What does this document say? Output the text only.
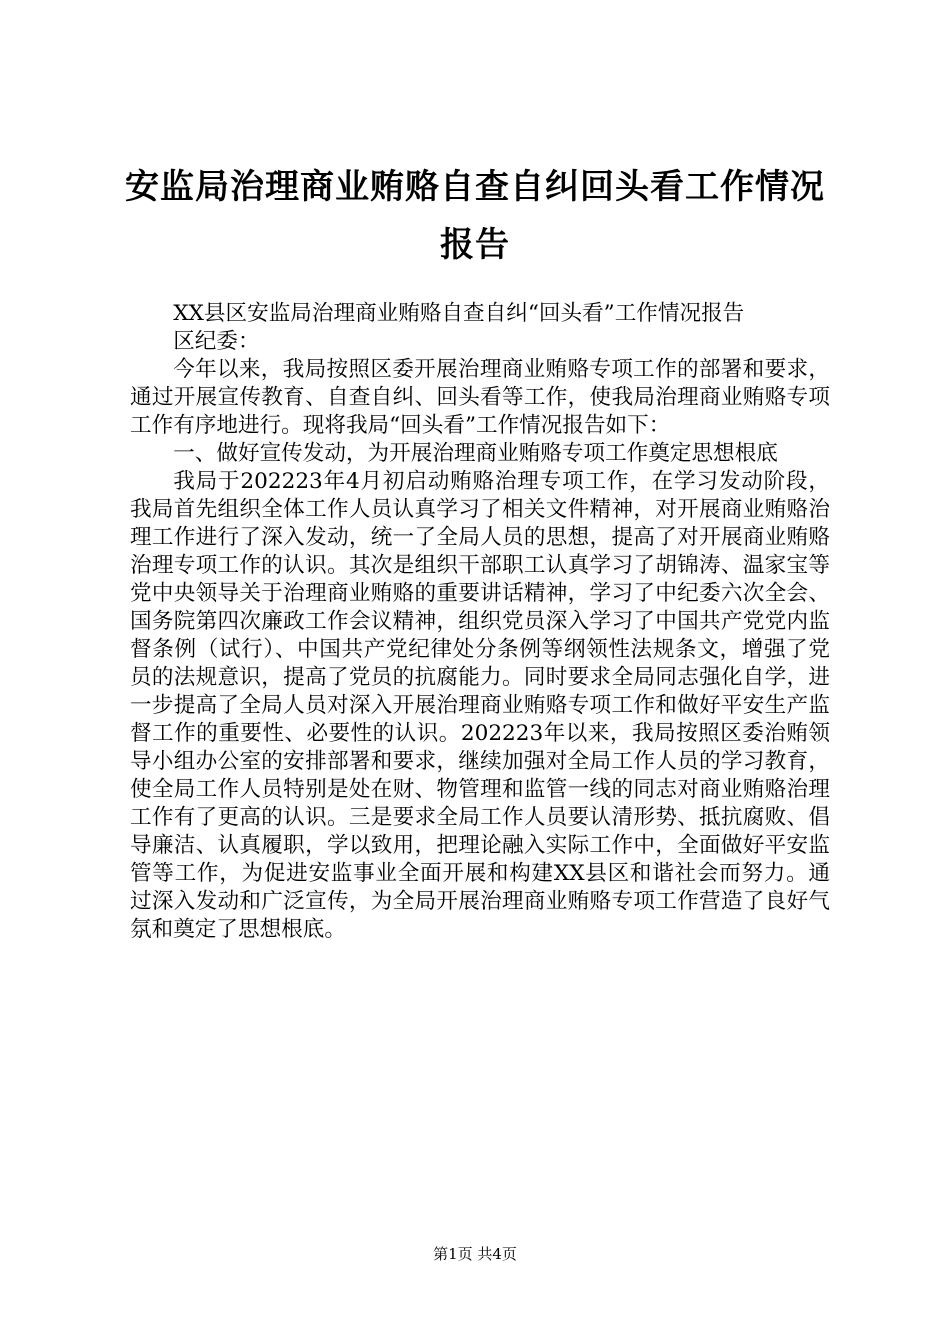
安监局治理商业贿赂自查自纠回头看工作情况报告

XX县区安监局治理商业贿赂自查自纠“回头看”工作情况报告

区纪委：

今年以来，我局按照区委开展治理商业贿赂专项工作的部署和要求，通过开展宣传教育、自查自纠、回头看等工作，使我局治理商业贿赂专项工作有序地进行。现将我局“回头看”工作情况报告如下：

一、做好宣传发动，为开展治理商业贿赂专项工作奠定思想根底

我局于202223年4月初启动贿赂治理专项工作，在学习发动阶段，我局首先组织全体工作人员认真学习了相关文件精神，对开展商业贿赂治理工作进行了深入发动，统一了全局人员的思想，提高了对开展商业贿赂治理专项工作的认识。其次是组织干部职工认真学习了胡锦涛、温家宝等党中央领导关于治理商业贿赂的重要讲话精神，学习了中纪委六次全会、国务院第四次廉政工作会议精神，组织党员深入学习了中国共产党党内监督条例（试行）、中国共产党纪律处分条例等纲领性法规条文，增强了党员的法规意识，提高了党员的抗腐能力。同时要求全局同志强化自学，进一步提高了全局人员对深入开展治理商业贿赂专项工作和做好平安生产监督工作的重要性、必要性的认识。202223年以来，我局按照区委治贿领导小组办公室的安排部署和要求，继续加强对全局工作人员的学习教育，使全局工作人员特别是处在财、物管理和监管一线的同志对商业贿赂治理工作有了更高的认识。三是要求全局工作人员要认清形势、抵抗腐败、倡导廉洁、认真履职，学以致用，把理论融入实际工作中，全面做好平安监管等工作，为促进安监事业全面开展和构建XX县区和谐社会而努力。通过深入发动和广泛宣传，为全局开展治理商业贿赂专项工作营造了良好气氛和奠定了思想根底。

第1页 共4页
